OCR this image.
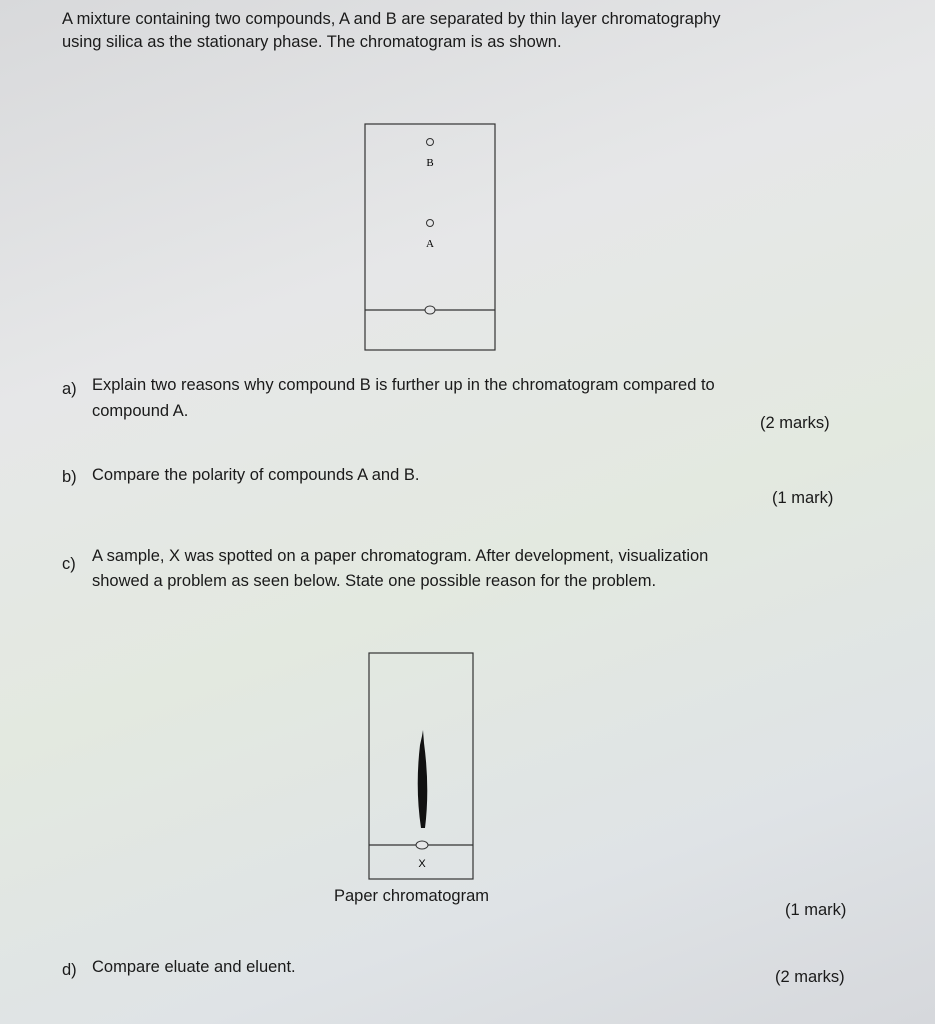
A mixture containing two compounds, A and B are separated by thin layer chromatography
using silica as the stationary phase. The chromatogram is as shown.
B
A
a) Explain two reasons why compound B is further up in the chromatogram compared to
compound A.
(2 marks)
b) Compare the polarity of compounds A and B.
(1 mark)
c) A sample, X was spotted on a paper chromatogram. After development, visualization
showed a problem as seen below. State one possible reason for the problem.
X
Paper chromatogram
(1 mark)
d) Compare eluate and eluent.
(2 marks)
